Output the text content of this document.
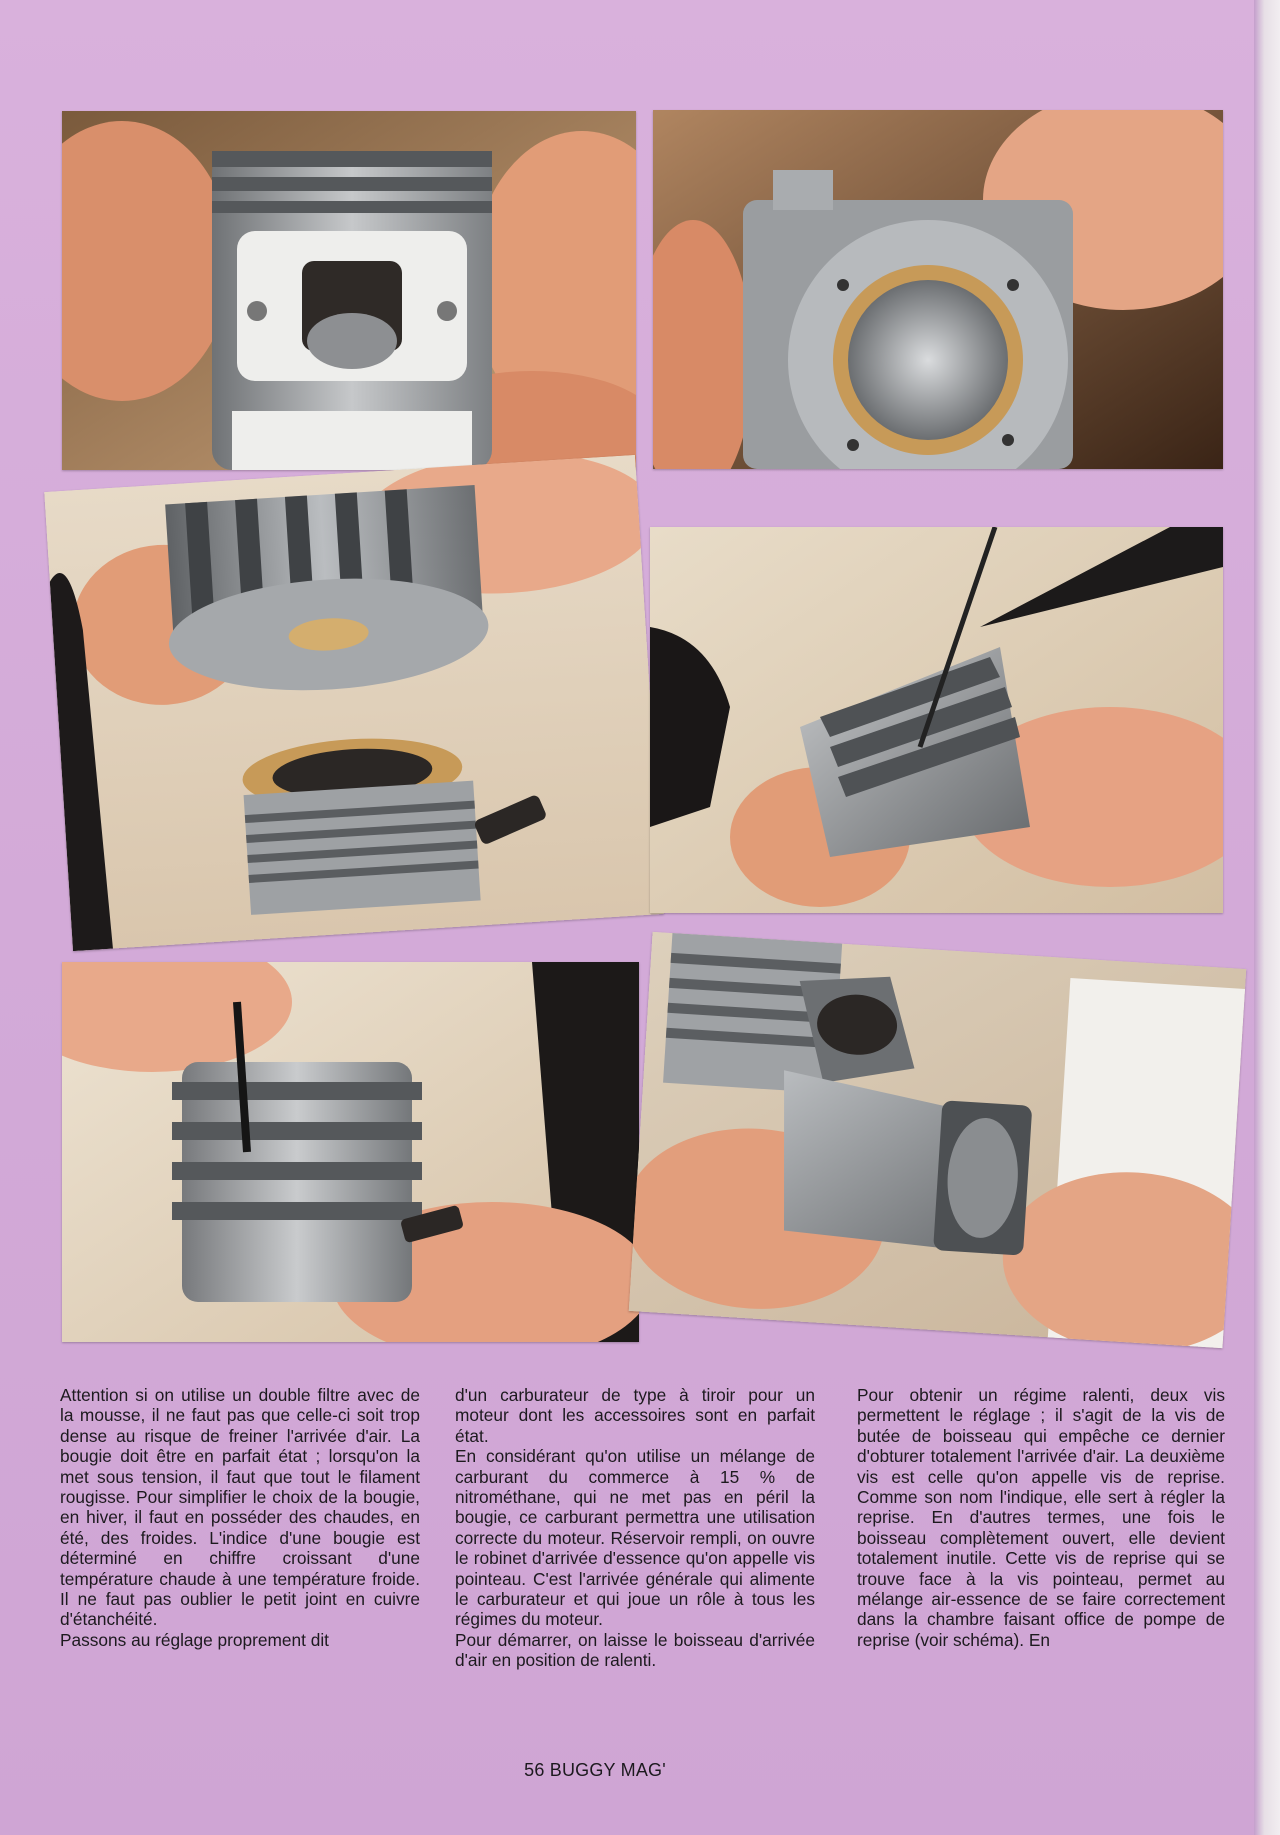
Attention si on utilise un double filtre avec de la mousse, il ne faut pas que celle-ci soit trop dense au risque de freiner l'arrivée d'air. La bougie doit être en parfait état ; lorsqu'on la met sous tension, il faut que tout le filament rougisse. Pour simplifier le choix de la bougie, en hiver, il faut en posséder des chaudes, en été, des froides. L'indice d'une bougie est déterminé en chiffre croissant d'une température chaude à une température froide. Il ne faut pas oublier le petit joint en cuivre d'étanchéité.

Passons au réglage proprement dit

d'un carburateur de type à tiroir pour un moteur dont les accessoires sont en parfait état.

En considérant qu'on utilise un mélange de carburant du commerce à 15 % de nitrométhane, qui ne met pas en péril la bougie, ce carburant permettra une utilisation correcte du moteur. Réservoir rempli, on ouvre le robinet d'arrivée d'essence qu'on appelle vis pointeau. C'est l'arrivée générale qui alimente le carburateur et qui joue un rôle à tous les régimes du moteur.

Pour démarrer, on laisse le boisseau d'arrivée d'air en position de ralenti.

Pour obtenir un régime ralenti, deux vis permettent le réglage ; il s'agit de la vis de butée de boisseau qui empêche ce dernier d'obturer totalement l'arrivée d'air. La deuxième vis est celle qu'on appelle vis de reprise. Comme son nom l'indique, elle sert à régler la reprise. En d'autres termes, une fois le boisseau complètement ouvert, elle devient totalement inutile. Cette vis de reprise qui se trouve face à la vis pointeau, permet au mélange air-essence de se faire correctement dans la chambre faisant office de pompe de reprise (voir schéma). En

56 BUGGY MAG'
